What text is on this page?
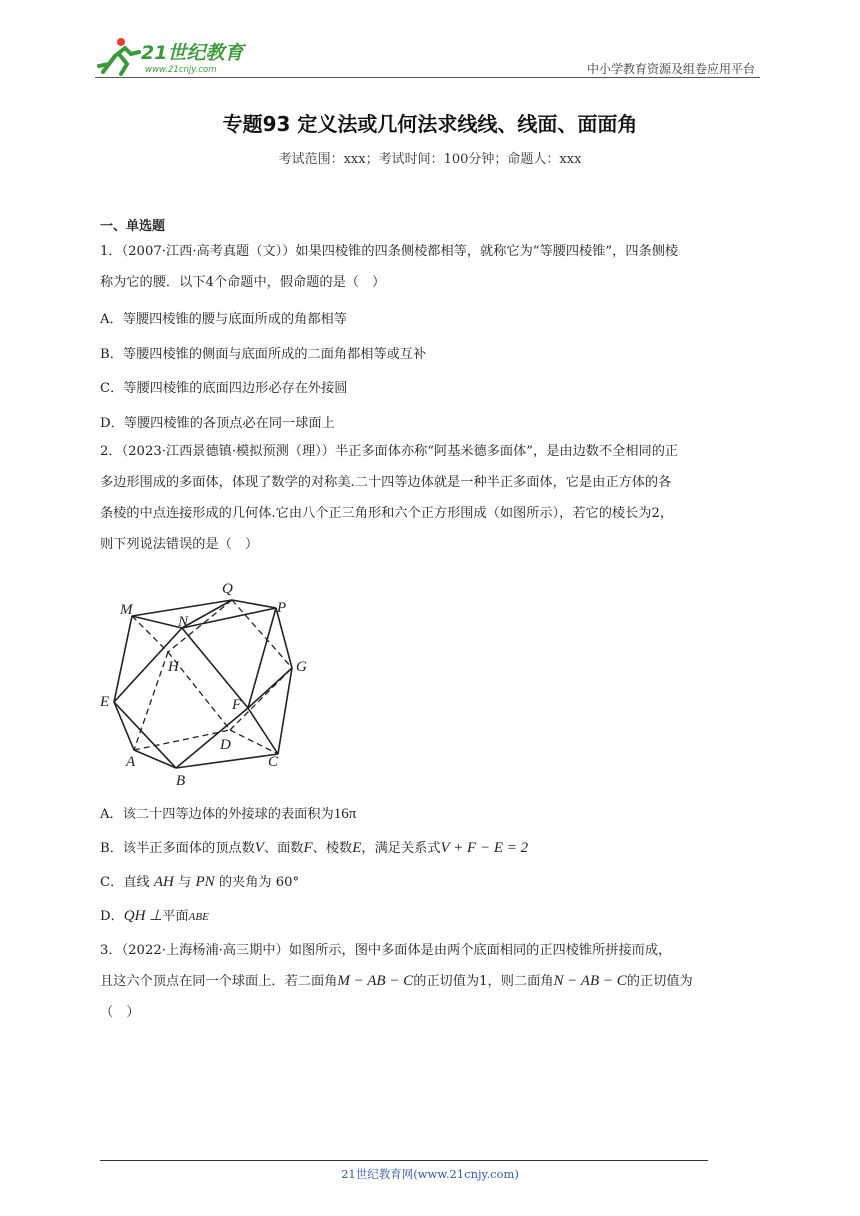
21世纪教育
www.21cnjy.com	中小学教育资源及组卷应用平台
专题93 定义法或几何法求线线、线面、面面角
考试范围：xxx；考试时间：100分钟；命题人：xxx
一、单选题
1．（2007·江西·高考真题（文））如果四棱锥的四条侧棱都相等，就称它为“等腰四棱锥”，四条侧棱
称为它的腰．以下4个命题中，假命题的是（　）
A．等腰四棱锥的腰与底面所成的角都相等
B．等腰四棱锥的侧面与底面所成的二面角都相等或互补
C．等腰四棱锥的底面四边形必存在外接圆
D．等腰四棱锥的各顶点必在同一球面上
2．（2023·江西景德镇·模拟预测（理））半正多面体亦称“阿基米德多面体”，是由边数不全相同的正
多边形围成的多面体，体现了数学的对称美.二十四等边体就是一种半正多面体，它是由正方体的各
条棱的中点连接形成的几何体.它由八个正三角形和六个正方形围成（如图所示），若它的棱长为2，
则下列说法错误的是（　）
Q
M	P
N
H	G
E	F
D
A
B
C
A．该二十四等边体的外接球的表面积为16π
B．该半正多面体的顶点数V、面数F、棱数E，满足关系式V + F − E = 2
C．直线 AH 与 PN 的夹角为 60°
D．QH ⊥平面ABE
3．（2022·上海杨浦·高三期中）如图所示，图中多面体是由两个底面相同的正四棱锥所拼接而成，
且这六个顶点在同一个球面上．若二面角M − AB − C的正切值为1，则二面角N − AB − C的正切值为
（　）
21世纪教育网(www.21cnjy.com)
